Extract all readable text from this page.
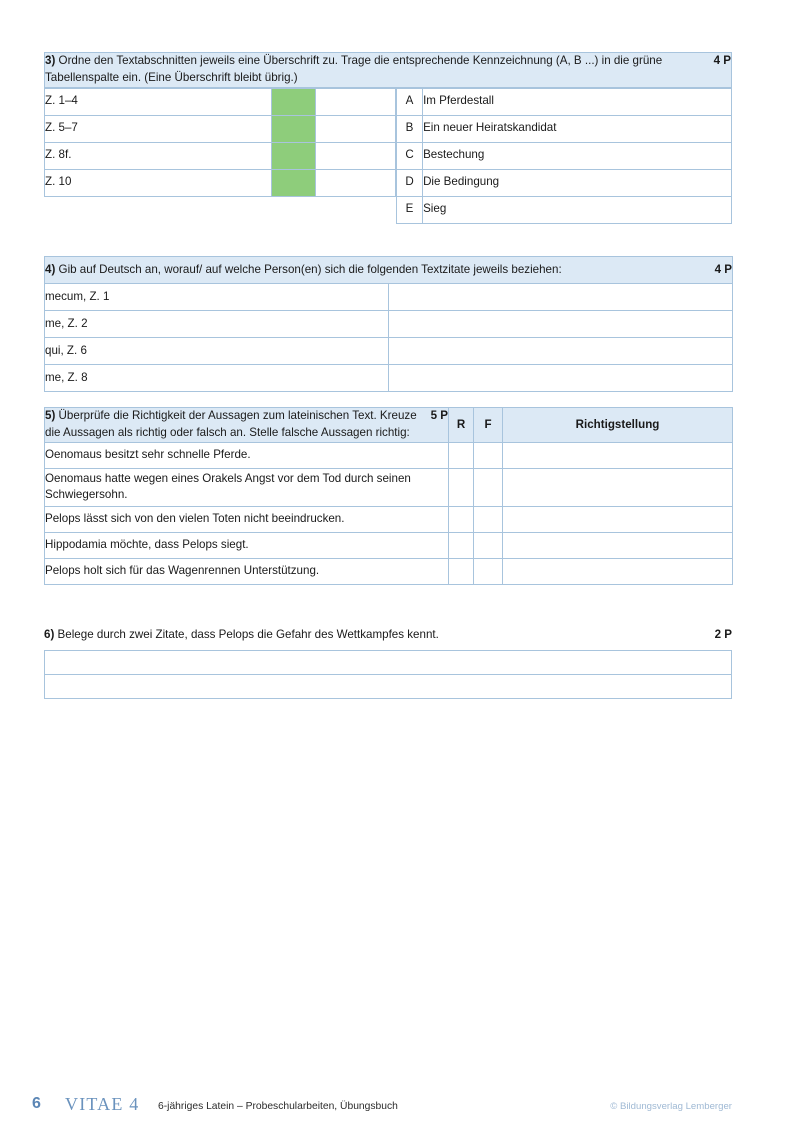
4 P
3) Ordne den Textabschnitten jeweils eine Überschrift zu. Trage die entsprechende Kennzeichnung (A, B ...) in die grüne Tabellenspalte ein. (Eine Überschrift bleibt übrig.)
Z. 1–4		
Z. 5–7		
Z. 8f.		
Z. 10		
A	Im Pferdestall
B	Ein neuer Heiratskandidat
C	Bestechung
D	Die Bedingung
E	Sieg
4 P
4) Gib auf Deutsch an, worauf/ auf welche Person(en) sich die folgenden Textzitate jeweils beziehen:	
mecum, Z. 1	
me, Z. 2	
qui, Z. 6	
me, Z. 8	
5 P
5) Überprüfe die Richtigkeit der Aussagen zum lateinischen Text. Kreuze die Aussagen als richtig oder falsch an. Stelle falsche Aussagen richtig:	R	F	Richtigstellung
Oenomaus besitzt sehr schnelle Pferde.			
Oenomaus hatte wegen eines Orakels Angst vor dem Tod durch seinen Schwiegersohn.			
Pelops lässt sich von den vielen Toten nicht beeindrucken.			
Hippodamia möchte, dass Pelops siegt.			
Pelops holt sich für das Wagenrennen Unterstützung.			
2 P
6) Belege durch zwei Zitate, dass Pelops die Gefahr des Wettkampfes kennt.

6 VITAE 4 6-jähriges Latein – Probeschularbeiten, Übungsbuch	© Bildungsverlag Lemberger
